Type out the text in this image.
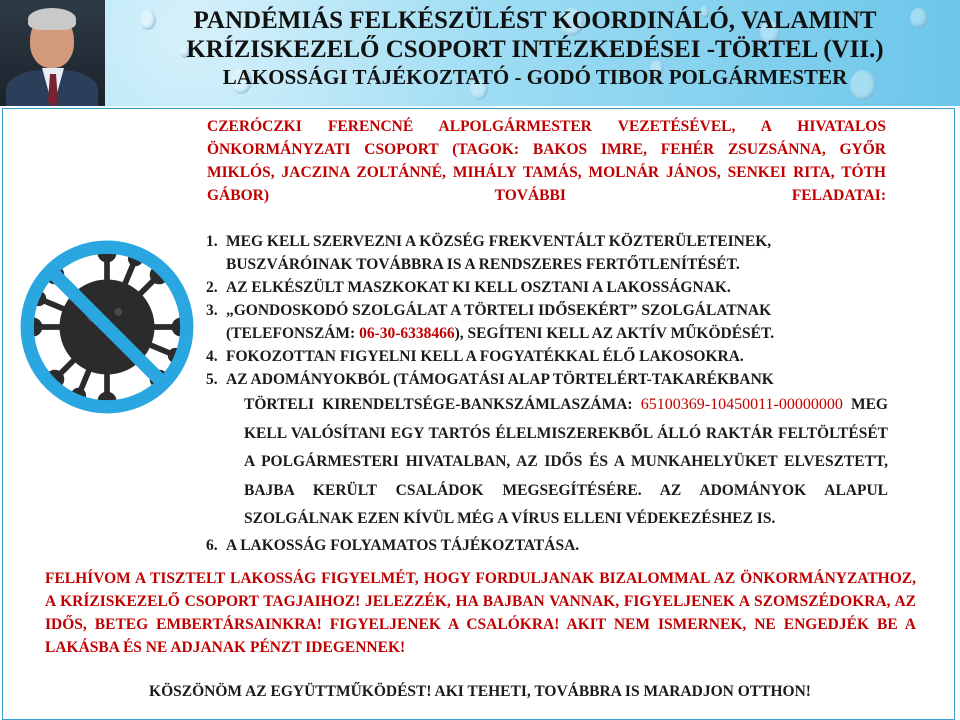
PANDÉMIÁS FELKÉSZÜLÉST KOORDINÁLÓ, VALAMINT
KRÍZISKEZELŐ CSOPORT INTÉZKEDÉSEI -TÖRTEL (VII.)
LAKOSSÁGI TÁJÉKOZTATÓ - GODÓ TIBOR POLGÁRMESTER
CZERÓCZKI FERENCNÉ ALPOLGÁRMESTER VEZETÉSÉVEL, A HIVATALOS ÖNKORMÁNYZATI CSOPORT (TAGOK: BAKOS IMRE, FEHÉR ZSUZSÁNNA, GYŐR MIKLÓS, JACZINA ZOLTÁNNÉ, MIHÁLY TAMÁS, MOLNÁR JÁNOS, SENKEI RITA, TÓTH GÁBOR) TOVÁBBI FELADATAI:
1. MEG KELL SZERVEZNI A KÖZSÉG FREKVENTÁLT KÖZTERÜLETEINEK, BUSZVÁRÓINAK TOVÁBBRA IS A RENDSZERES FERTŐTLENÍTÉSÉT.
2. AZ ELKÉSZÜLT MASZKOKAT KI KELL OSZTANI A LAKOSSÁGNAK.
3. „GONDOSKODÓ SZOLGÁLAT A TÖRTELI IDŐSEKÉRT” SZOLGÁLATNAK (TELEFONSZÁM: 06-30-6338466), SEGÍTENI KELL AZ AKTÍV MŰKÖDÉSÉT.
4. FOKOZOTTAN FIGYELNI KELL A FOGYATÉKKAL ÉLŐ LAKOSOKRA.
5. AZ ADOMÁNYOKBÓL (TÁMOGATÁSI ALAP TÖRTELÉRT-TAKARÉKBANK
TÖRTELI KIRENDELTSÉGE-BANKSZÁMLASZÁMA: 65100369-10450011-00000000 MEG KELL VALÓSÍTANI EGY TARTÓS ÉLELMISZEREKBŐL ÁLLÓ RAKTÁR FELTÖLTÉSÉT A POLGÁRMESTERI HIVATALBAN, AZ IDŐS ÉS A MUNKAHELYÜKET ELVESZTETT, BAJBA KERÜLT CSALÁDOK MEGSEGÍTÉSÉRE. AZ ADOMÁNYOK ALAPUL SZOLGÁLNAK EZEN KÍVÜL MÉG A VÍRUS ELLENI VÉDEKEZÉSHEZ IS.
6. A LAKOSSÁG FOLYAMATOS TÁJÉKOZTATÁSA.
FELHÍVOM A TISZTELT LAKOSSÁG FIGYELMÉT, HOGY FORDULJANAK BIZALOMMAL AZ ÖNKORMÁNYZATHOZ, A KRÍZISKEZELŐ CSOPORT TAGJAIHOZ! JELEZZÉK, HA BAJBAN VANNAK, FIGYELJENEK A SZOMSZÉDOKRA, AZ IDŐS, BETEG EMBERTÁRSAINKRA! FIGYELJENEK A CSALÓKRA! AKIT NEM ISMERNEK, NE ENGEDJÉK BE A LAKÁSBA ÉS NE ADJANAK PÉNZT IDEGENNEK!
KÖSZÖNÖM AZ EGYÜTTMŰKÖDÉST! AKI TEHETI, TOVÁBBRA IS MARADJON OTTHON!
